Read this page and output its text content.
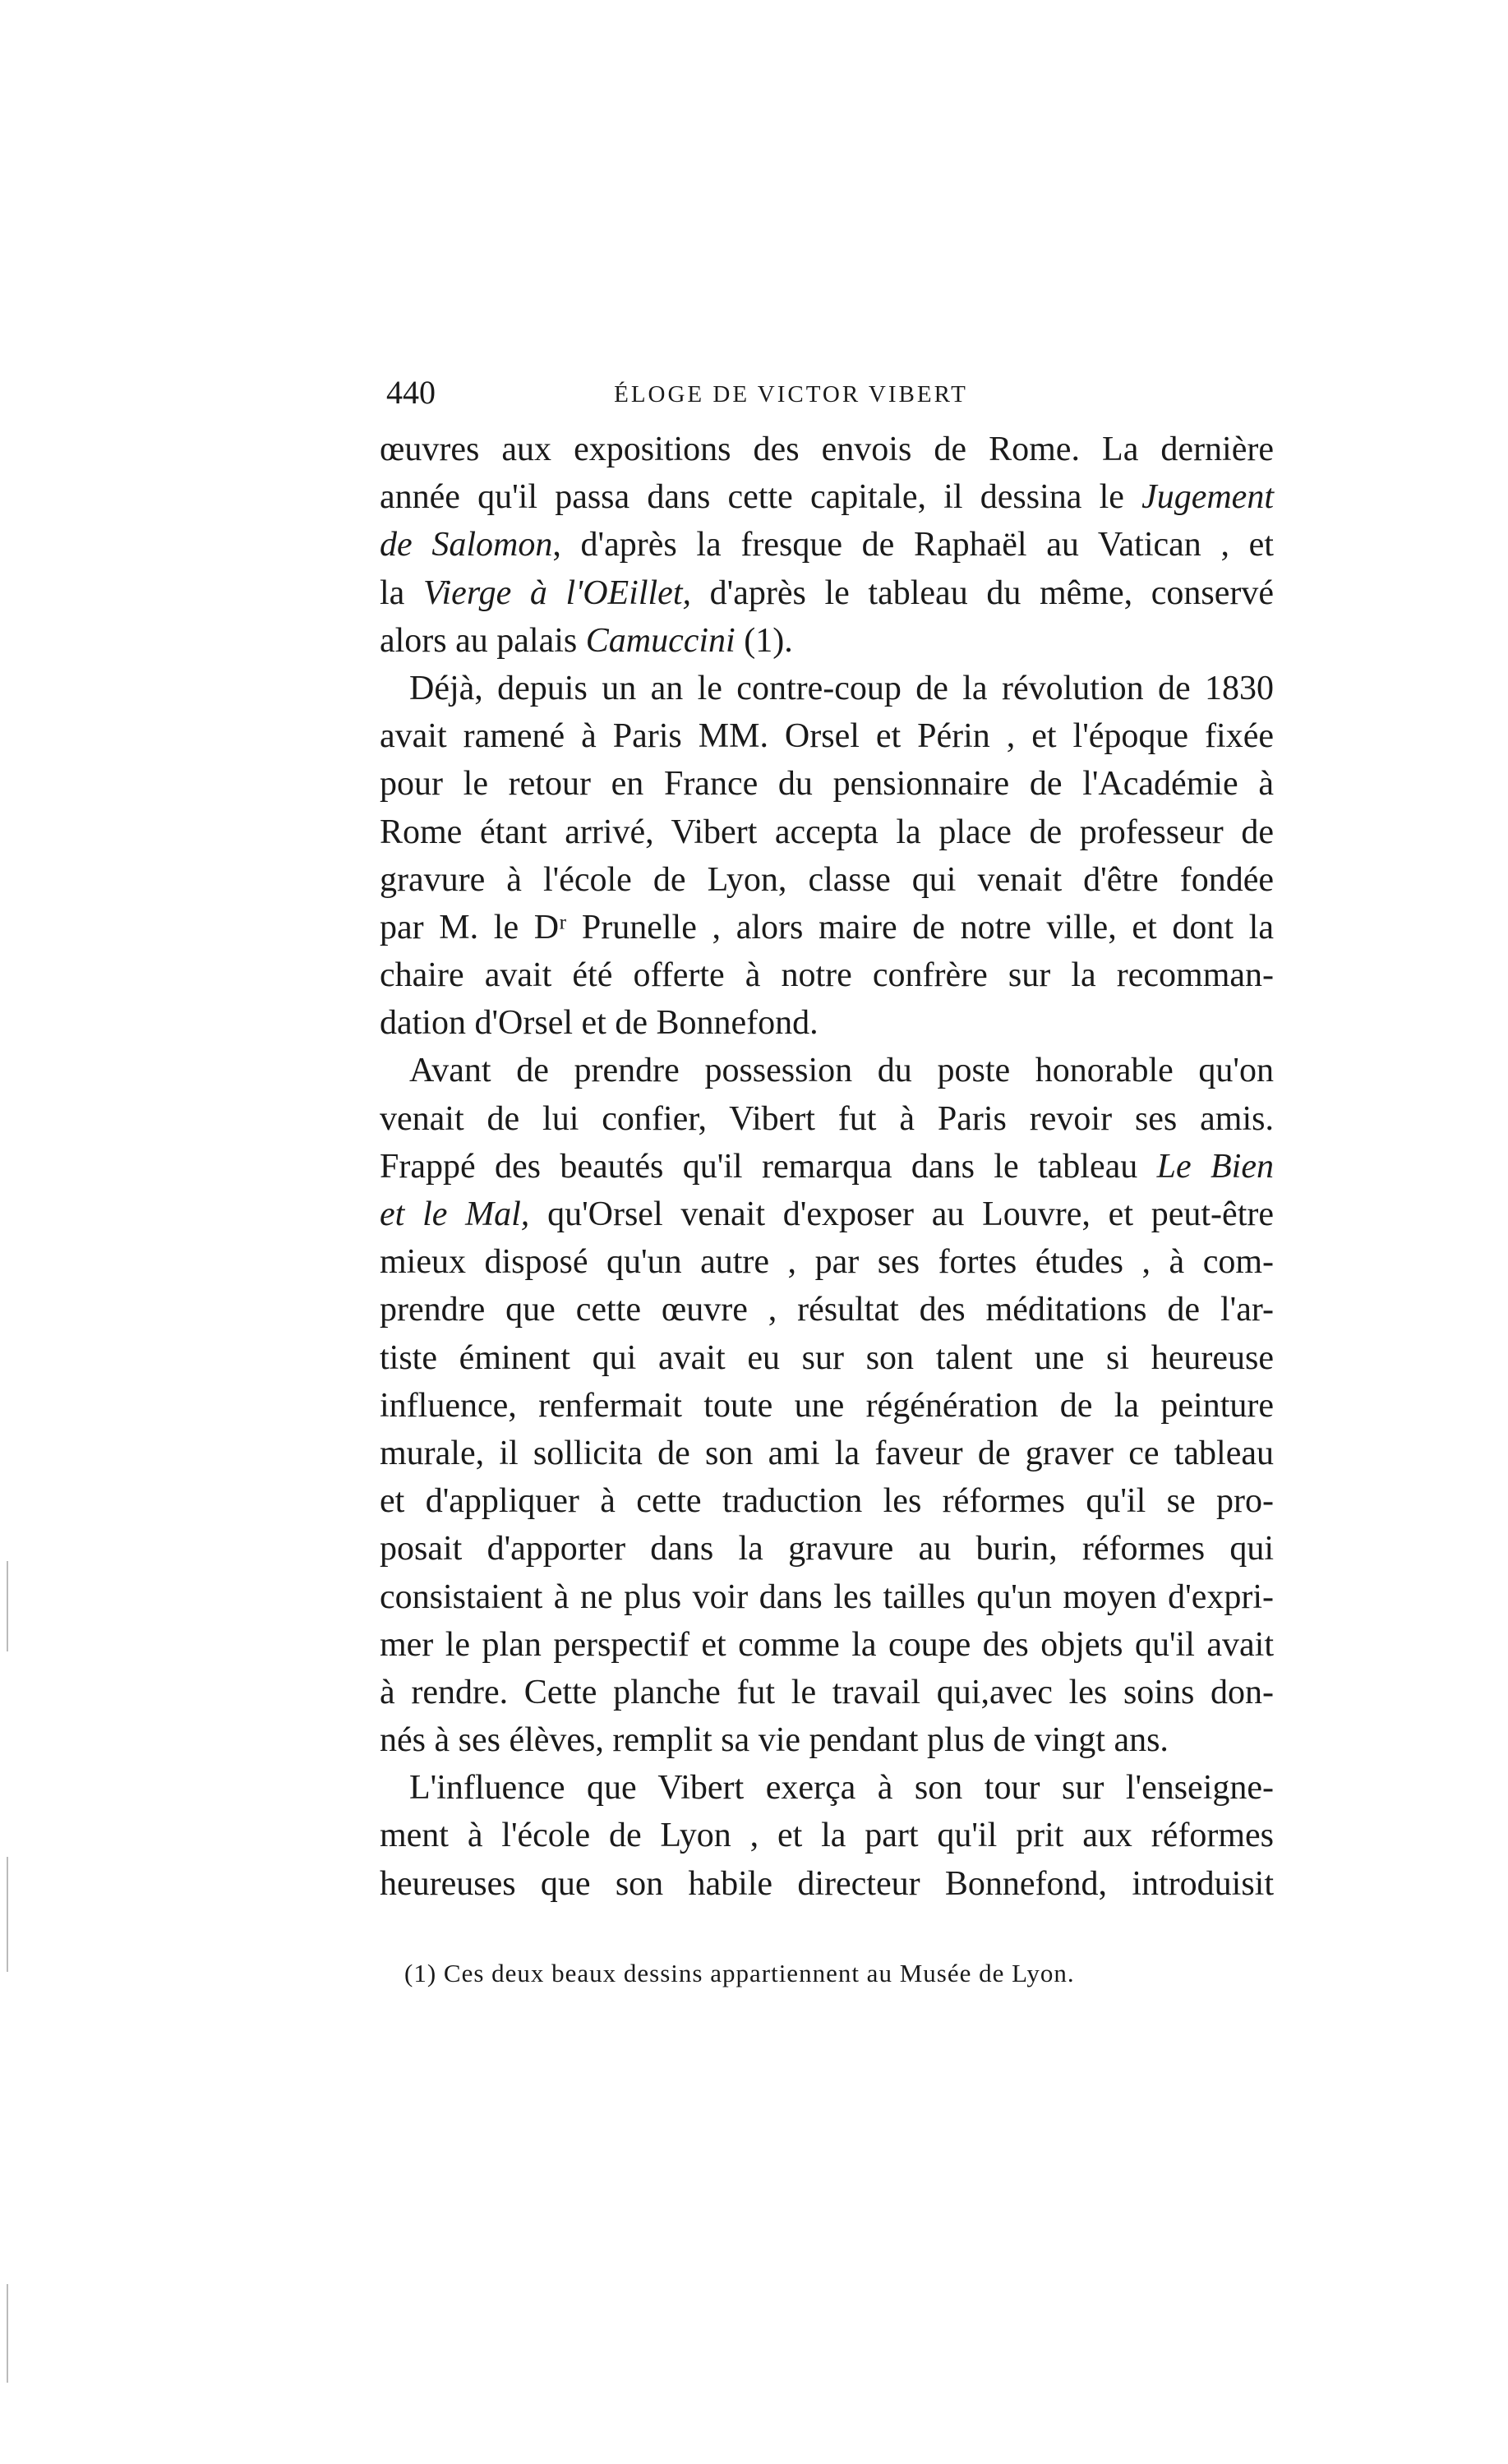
440	ÉLOGE DE VICTOR VIBERT
œuvres aux expositions des envois de Rome. La dernière
année qu'il passa dans cette capitale, il dessina le Jugement
de Salomon, d'après la fresque de Raphaël au Vatican , et
la Vierge à l'OEillet, d'après le tableau du même, conservé
alors au palais Camuccini (1).
Déjà, depuis un an le contre-coup de la révolution de 1830
avait ramené à Paris MM. Orsel et Périn , et l'époque fixée
pour le retour en France du pensionnaire de l'Académie à
Rome étant arrivé, Vibert accepta la place de professeur de
gravure à l'école de Lyon, classe qui venait d'être fondée
par M. le Dʳ Prunelle , alors maire de notre ville, et dont la
chaire avait été offerte à notre confrère sur la recomman-
dation d'Orsel et de Bonnefond.
Avant de prendre possession du poste honorable qu'on
venait de lui confier, Vibert fut à Paris revoir ses amis.
Frappé des beautés qu'il remarqua dans le tableau Le Bien
et le Mal, qu'Orsel venait d'exposer au Louvre, et peut-être
mieux disposé qu'un autre , par ses fortes études , à com-
prendre que cette œuvre , résultat des méditations de l'ar-
tiste éminent qui avait eu sur son talent une si heureuse
influence, renfermait toute une régénération de la peinture
murale, il sollicita de son ami la faveur de graver ce tableau
et d'appliquer à cette traduction les réformes qu'il se pro-
posait d'apporter dans la gravure au burin, réformes qui
consistaient à ne plus voir dans les tailles qu'un moyen d'expri-
mer le plan perspectif et comme la coupe des objets qu'il avait
à rendre. Cette planche fut le travail qui,avec les soins don-
nés à ses élèves, remplit sa vie pendant plus de vingt ans.
L'influence que Vibert exerça à son tour sur l'enseigne-
ment à l'école de Lyon , et la part qu'il prit aux réformes
heureuses que son habile directeur Bonnefond, introduisit
(1) Ces deux beaux dessins appartiennent au Musée de Lyon.
